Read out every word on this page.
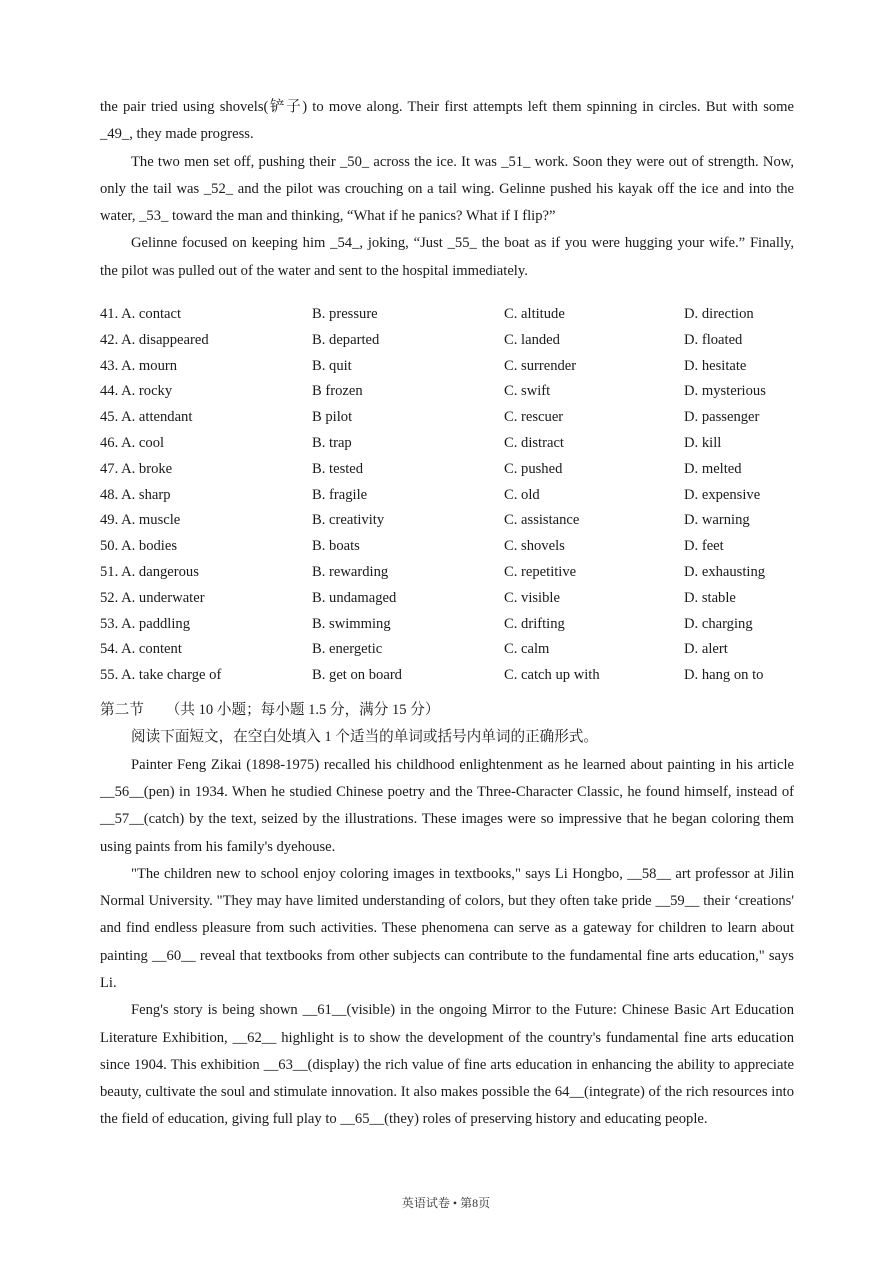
the pair tried using shovels(铲子) to move along. Their first attempts left them spinning in circles. But with some _49_, they made progress.

The two men set off, pushing their _50_ across the ice. It was _51_ work. Soon they were out of strength. Now, only the tail was _52_ and the pilot was crouching on a tail wing. Gelinne pushed his kayak off the ice and into the water, _53_ toward the man and thinking, “What if he panics? What if I flip?”

Gelinne focused on keeping him _54_, joking, “Just _55_ the boat as if you were hugging your wife.” Finally, the pilot was pulled out of the water and sent to the hospital immediately.

41. A. contact	B. pressure	C. altitude	D. direction
42. A. disappeared	B. departed	C. landed	D. floated
43. A. mourn	B. quit	C. surrender	D. hesitate
44. A. rocky	B frozen	C. swift	D. mysterious
45. A. attendant	B pilot	C. rescuer	D. passenger
46. A. cool	B. trap	C. distract	D. kill
47. A. broke	B. tested	C. pushed	D. melted
48. A. sharp	B. fragile	C. old	D. expensive
49. A. muscle	B. creativity	C. assistance	D. warning
50. A. bodies	B. boats	C. shovels	D. feet
51. A. dangerous	B. rewarding	C. repetitive	D. exhausting
52. A. underwater	B. undamaged	C. visible	D. stable
53. A. paddling	B. swimming	C. drifting	D. charging
54. A. content	B. energetic	C. calm	D. alert
55. A. take charge of	B. get on board	C. catch up with	D. hang on to

第二节 （共 10 小题；每小题 1.5 分，满分 15 分）

阅读下面短文，在空白处填入 1 个适当的单词或括号内单词的正确形式。

Painter Feng Zikai (1898-1975) recalled his childhood enlightenment as he learned about painting in his article __56__(pen) in 1934. When he studied Chinese poetry and the Three-Character Classic, he found himself, instead of __57__(catch) by the text, seized by the illustrations. These images were so impressive that he began coloring them using paints from his family's dyehouse.

"The children new to school enjoy coloring images in textbooks," says Li Hongbo, __58__ art professor at Jilin Normal University. "They may have limited understanding of colors, but they often take pride __59__ their ‘creations' and find endless pleasure from such activities. These phenomena can serve as a gateway for children to learn about painting __60__ reveal that textbooks from other subjects can contribute to the fundamental fine arts education," says Li.

Feng's story is being shown __61__(visible) in the ongoing Mirror to the Future: Chinese Basic Art Education Literature Exhibition, __62__ highlight is to show the development of the country's fundamental fine arts education since 1904. This exhibition __63__(display) the rich value of fine arts education in enhancing the ability to appreciate beauty, cultivate the soul and stimulate innovation. It also makes possible the 64__(integrate) of the rich resources into the field of education, giving full play to __65__(they) roles of preserving history and educating people.

英语试卷 • 第8页
